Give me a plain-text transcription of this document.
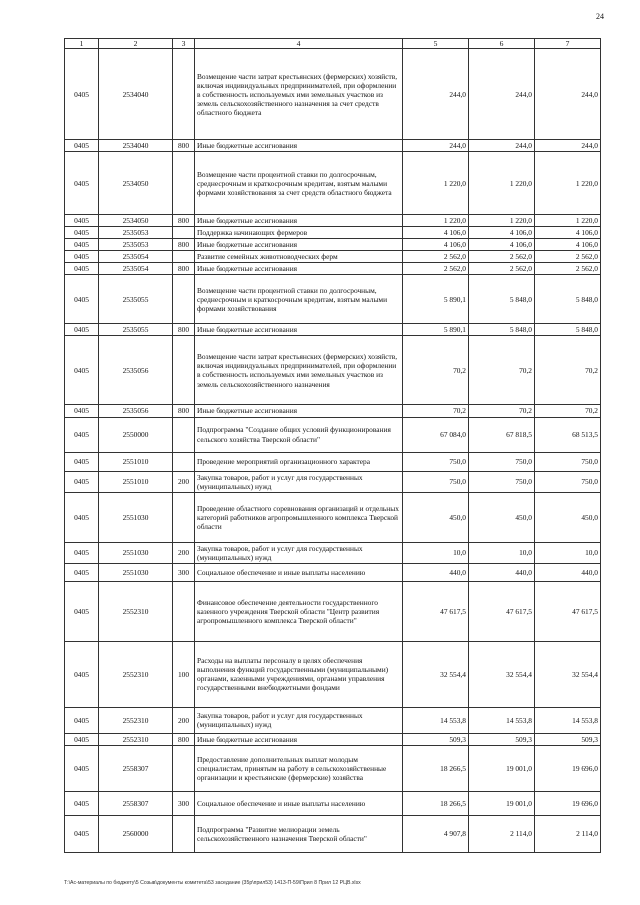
24
1	2	3	4	5	6	7
0405	2534040		Возмещение части затрат крестьянских (фермерских) хозяйств, включая индивидуальных предпринимателей, при оформлении в собственность используемых ими земельных участков из земель сельскохозяйственного назначения за счет средств областного бюджета	244,0	244,0	244,0
0405	2534040	800	Иные бюджетные ассигнования	244,0	244,0	244,0
0405	2534050		Возмещение части процентной ставки по долгосрочным, среднесрочным и краткосрочным кредитам, взятым малыми формами хозяйствования за счет средств областного бюджета	1 220,0	1 220,0	1 220,0
0405	2534050	800	Иные бюджетные ассигнования	1 220,0	1 220,0	1 220,0
0405	2535053		Поддержка начинающих фермеров	4 106,0	4 106,0	4 106,0
0405	2535053	800	Иные бюджетные ассигнования	4 106,0	4 106,0	4 106,0
0405	2535054		Развитие семейных животноводческих ферм	2 562,0	2 562,0	2 562,0
0405	2535054	800	Иные бюджетные ассигнования	2 562,0	2 562,0	2 562,0
0405	2535055		Возмещение части процентной ставки по долгосрочным, среднесрочным и краткосрочным кредитам, взятым малыми формами хозяйствования	5 890,1	5 848,0	5 848,0
0405	2535055	800	Иные бюджетные ассигнования	5 890,1	5 848,0	5 848,0
0405	2535056		Возмещение части затрат крестьянских (фермерских) хозяйств, включая индивидуальных предпринимателей, при оформлении в собственность используемых ими земельных участков из земель сельскохозяйственного назначения	70,2	70,2	70,2
0405	2535056	800	Иные бюджетные ассигнования	70,2	70,2	70,2
0405	2550000		Подпрограмма "Создание общих условий функционирования сельского хозяйства Тверской области"	67 084,0	67 818,5	68 513,5
0405	2551010		Проведение мероприятий организационного характера	750,0	750,0	750,0
0405	2551010	200	Закупка товаров, работ и услуг для государственных (муниципальных) нужд	750,0	750,0	750,0
0405	2551030		Проведение областного соревнования организаций и отдельных категорий работников агропромышленного комплекса Тверской области	450,0	450,0	450,0
0405	2551030	200	Закупка товаров, работ и услуг для государственных (муниципальных) нужд	10,0	10,0	10,0
0405	2551030	300	Социальное обеспечение и иные выплаты населению	440,0	440,0	440,0
0405	2552310		Финансовое обеспечение деятельности государственного казенного учреждения Тверской области "Центр развития агропромышленного комплекса Тверской области"	47 617,5	47 617,5	47 617,5
0405	2552310	100	Расходы на выплаты персоналу в целях обеспечения выполнения функций государственными (муниципальными) органами, казенными учреждениями, органами управления государственными внебюджетными фондами	32 554,4	32 554,4	32 554,4
0405	2552310	200	Закупка товаров, работ и услуг для государственных (муниципальных) нужд	14 553,8	14 553,8	14 553,8
0405	2552310	800	Иные бюджетные ассигнования	509,3	509,3	509,3
0405	2558307		Предоставление дополнительных выплат молодым специалистам, принятым на работу в сельскохозяйственные организации и крестьянские (фермерские) хозяйства	18 266,5	19 001,0	19 696,0
0405	2558307	300	Социальное обеспечение и иные выплаты населению	18 266,5	19 001,0	19 696,0
0405	2560000		Подпрограмма "Развитие мелиорации земель сельскохозяйственного назначения Тверской области"	4 907,8	2 114,0	2 114,0
Т:\Ас-материалы по бюджету\5 Созыв\документы комитета\53 заседание (35р\прил53) 1413-П-59\Прил 8 Прил 12 РЦВ.xlsx
